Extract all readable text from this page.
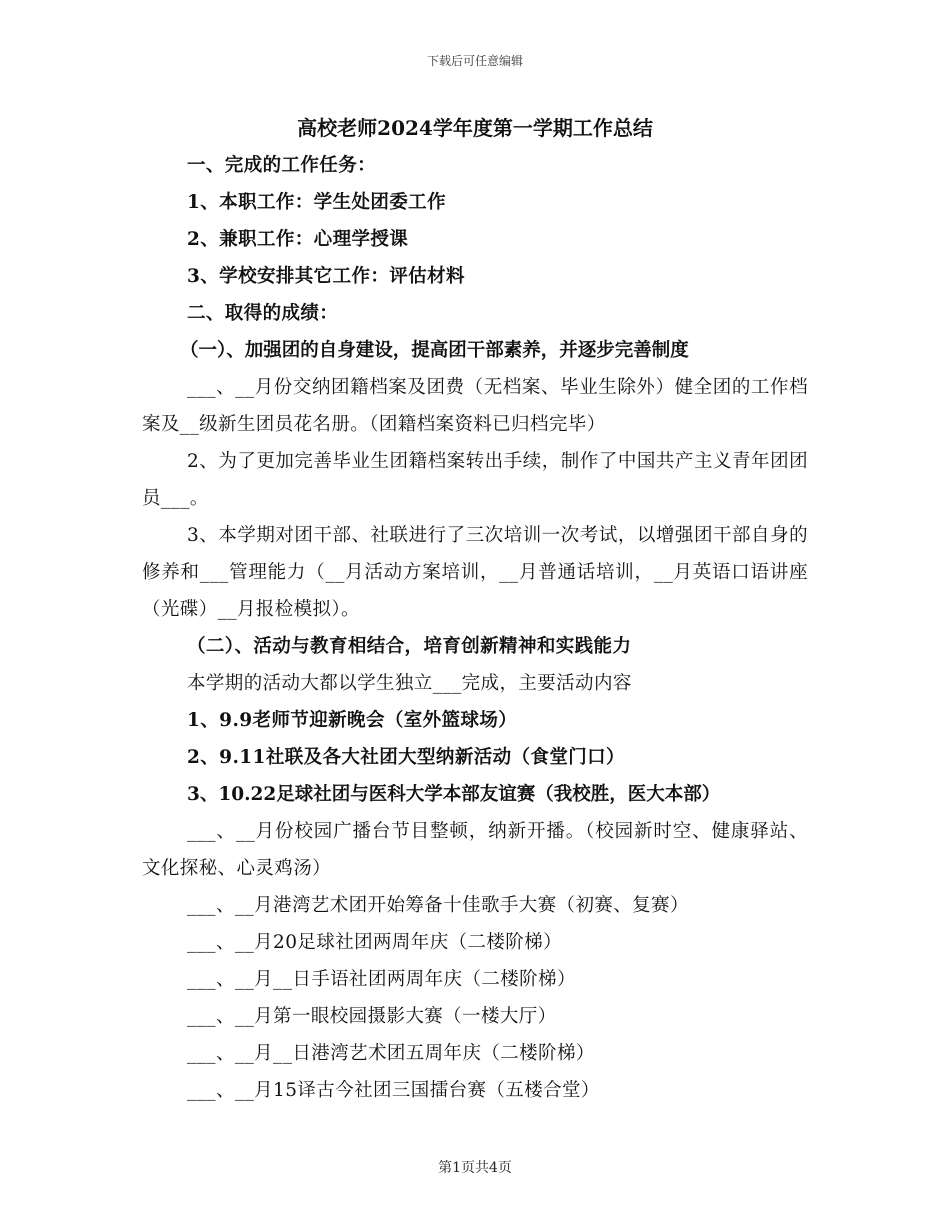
下载后可任意编辑
高校老师2024学年度第一学期工作总结

一、完成的工作任务：

1、本职工作：学生处团委工作

2、兼职工作：心理学授课

3、学校安排其它工作：评估材料

二、取得的成绩：

（一）、加强团的自身建设，提高团干部素养，并逐步完善制度

___、__月份交纳团籍档案及团费（无档案、毕业生除外）健全团的工作档案及__级新生团员花名册。（团籍档案资料已归档完毕）

2、为了更加完善毕业生团籍档案转出手续，制作了中国共产主义青年团团员___。

3、本学期对团干部、社联进行了三次培训一次考试，以增强团干部自身的修养和___管理能力（__月活动方案培训，__月普通话培训，__月英语口语讲座（光碟）__月报检模拟）。

（二）、活动与教育相结合，培育创新精神和实践能力

本学期的活动大都以学生独立___完成，主要活动内容

1、9.9老师节迎新晚会（室外篮球场）

2、9.11社联及各大社团大型纳新活动（食堂门口）

3、10.22足球社团与医科大学本部友谊赛（我校胜，医大本部）

___、__月份校园广播台节目整顿，纳新开播。（校园新时空、健康驿站、文化探秘、心灵鸡汤）

___、__月港湾艺术团开始筹备十佳歌手大赛（初赛、复赛）

___、__月20足球社团两周年庆（二楼阶梯）

___、__月__日手语社团两周年庆（二楼阶梯）

___、__月第一眼校园摄影大赛（一楼大厅）

___、__月__日港湾艺术团五周年庆（二楼阶梯）

___、__月15译古今社团三国擂台赛（五楼合堂）

第1页共4页
